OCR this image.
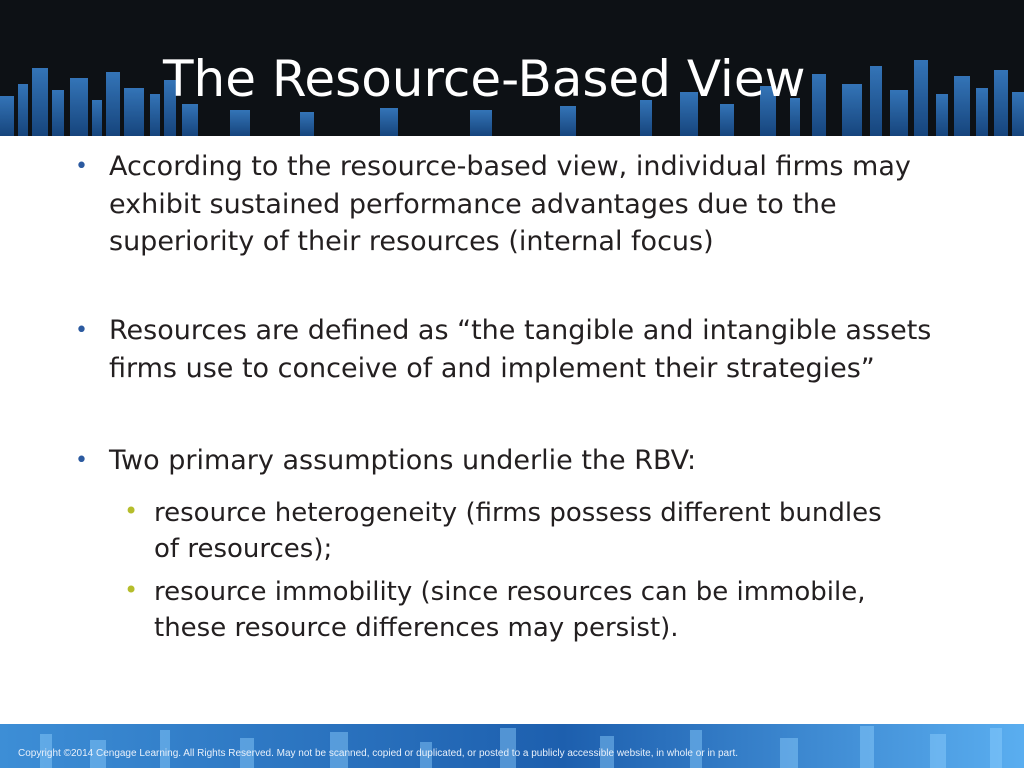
The Resource-Based View
• According to the resource-based view, individual firms may exhibit sustained performance advantages due to the superiority of their resources (internal focus)
• Resources are defined as “the tangible and intangible assets firms use to conceive of and implement their strategies”
• Two primary assumptions underlie the RBV:
• resource heterogeneity (firms possess different bundles of resources);
• resource immobility (since resources can be immobile, these resource differences may persist).
Copyright ©2014 Cengage Learning. All Rights Reserved. May not be scanned, copied or duplicated, or posted to a publicly accessible website, in whole or in part.
